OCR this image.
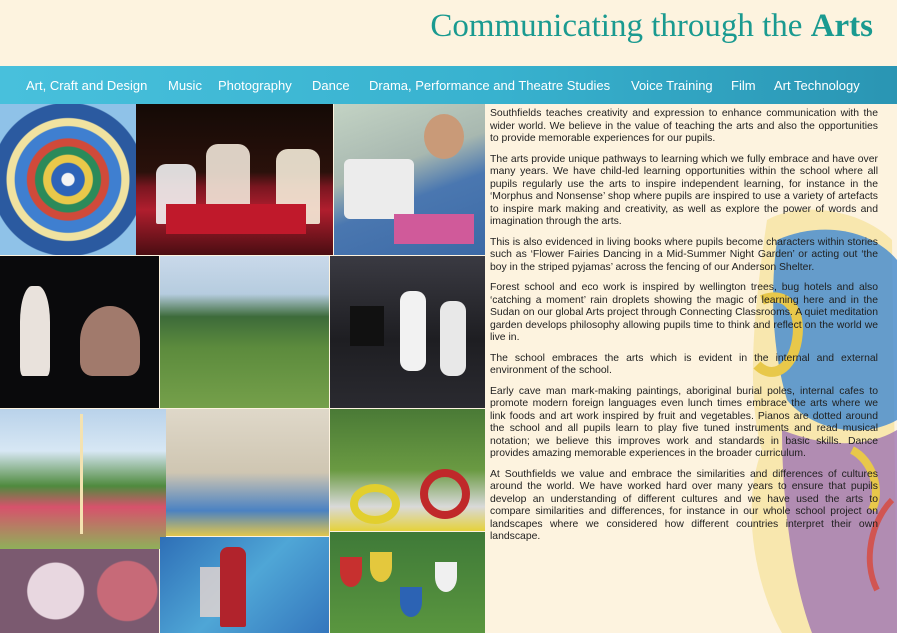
Communicating through the Arts
Art, Craft and Design Music Photography Dance Drama, Performance and Theatre Studies Voice Training Film Art Technology

Southfields teaches creativity and expression to enhance communication with the wider world. We believe in the value of teaching the arts and also the opportunities to provide memorable experiences for our pupils.

The arts provide unique pathways to learning which we fully embrace and have over many years. We have child-led learning opportunities within the school where all pupils regularly use the arts to inspire independent learning, for instance in the ‘Morphus and Nonsense’ shop where pupils are inspired to use a variety of artefacts to inspire mark making and creativity, as well as explore the power of words and imagination through the arts.

This is also evidenced in living books where pupils become characters within stories such as ‘Flower Fairies Dancing in a Mid-Summer Night Garden’ or acting out ‘the boy in the striped pyjamas’ across the fencing of our Anderson Shelter.

Forest school and eco work is inspired by wellington trees, bug hotels and also ‘catching a moment’ rain droplets showing the magic of learning here and in the Sudan on our global Arts project through Connecting Classrooms. A quiet meditation garden develops philosophy allowing pupils time to think and reflect on the world we live in.

The school embraces the arts which is evident in the internal and external environment of the school.

Early cave man mark-making paintings, aboriginal burial poles, internal cafes to promote modern foreign languages even lunch times embrace the arts where we link foods and art work inspired by fruit and vegetables. Pianos are dotted around the school and all pupils learn to play five tuned instruments and read musical notation; we believe this improves work and standards in basic skills. Dance provides amazing memorable experiences in the broader curriculum.

At Southfields we value and embrace the similarities and differences of cultures around the world. We have worked hard over many years to ensure that pupils develop an understanding of different cultures and we have used the arts to compare similarities and differences, for instance in our whole school project on landscapes where we considered how different countries interpret their own landscape.
